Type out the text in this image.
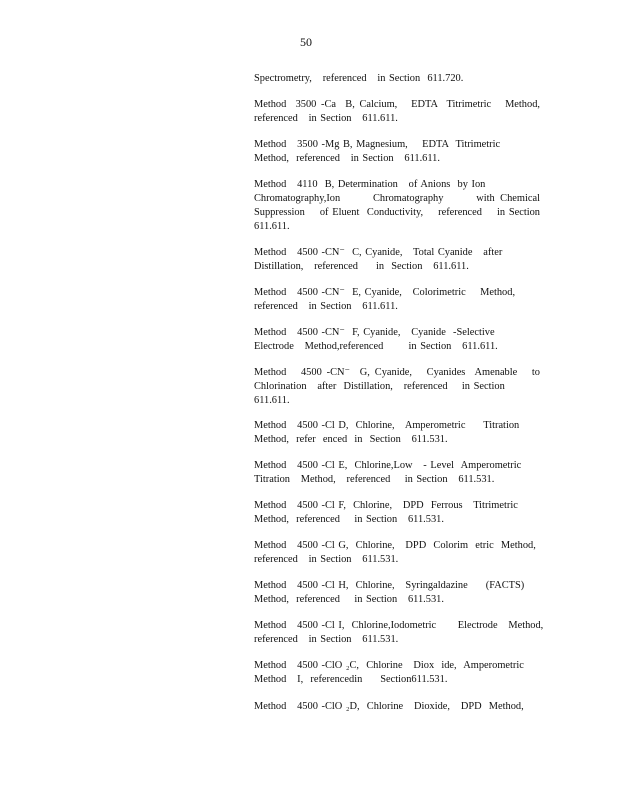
50
Spectrometry,   referenced   in Section  611.720.
Method  3500 -Ca  B, Calcium,   EDTA  Titrimetric   Method,
referenced   in Section   611.611.
Method   3500 -Mg B, Magnesium,    EDTA  Titrimetric
Method,  referenced   in Section   611.611.
Method   4110  B, Determination   of Anions  by Ion
Chromatography,Ion      Chromatography      with Chemical
Suppression    of Eluent  Conductivity,    referenced    in Section
611.611.
Method   4500 -CN⁻  C, Cyanide,   Total Cyanide   after
Distillation,   referenced     in  Section   611.611.
Method   4500 -CN⁻  E, Cyanide,   Colorimetric    Method,
referenced   in Section   611.611.
Method   4500 -CN⁻  F, Cyanide,   Cyanide  -Selective
Electrode   Method,referenced       in Section   611.611.
Method   4500 -CN⁻  G, Cyanide,   Cyanides  Amenable   to
Chlorination   after  Distillation,   referenced    in Section
611.611.
Method   4500 -Cl D,  Chlorine,   Amperometric     Titration
Method,  refer  enced  in  Section   611.531.
Method   4500 -Cl E,  Chlorine,Low   - Level  Amperometric
Titration   Method,   referenced    in Section   611.531.
Method   4500 -Cl F,  Chlorine,   DPD  Ferrous   Titrimetric
Method,  referenced    in Section   611.531.
Method   4500 -Cl G,  Chlorine,   DPD  Colorim  etric  Method,
referenced   in Section   611.531.
Method   4500 -Cl H,  Chlorine,   Syringaldazine     (FACTS)
Method,  referenced    in Section   611.531.
Method   4500 -Cl I,  Chlorine,Iodometric      Electrode   Method,
referenced   in Section   611.531.
Method   4500 -ClO ₂C,  Chlorine   Diox  ide,  Amperometric
Method   I,  referencedin     Section611.531.
Method   4500 -ClO ₂D,  Chlorine   Dioxide,   DPD  Method,
